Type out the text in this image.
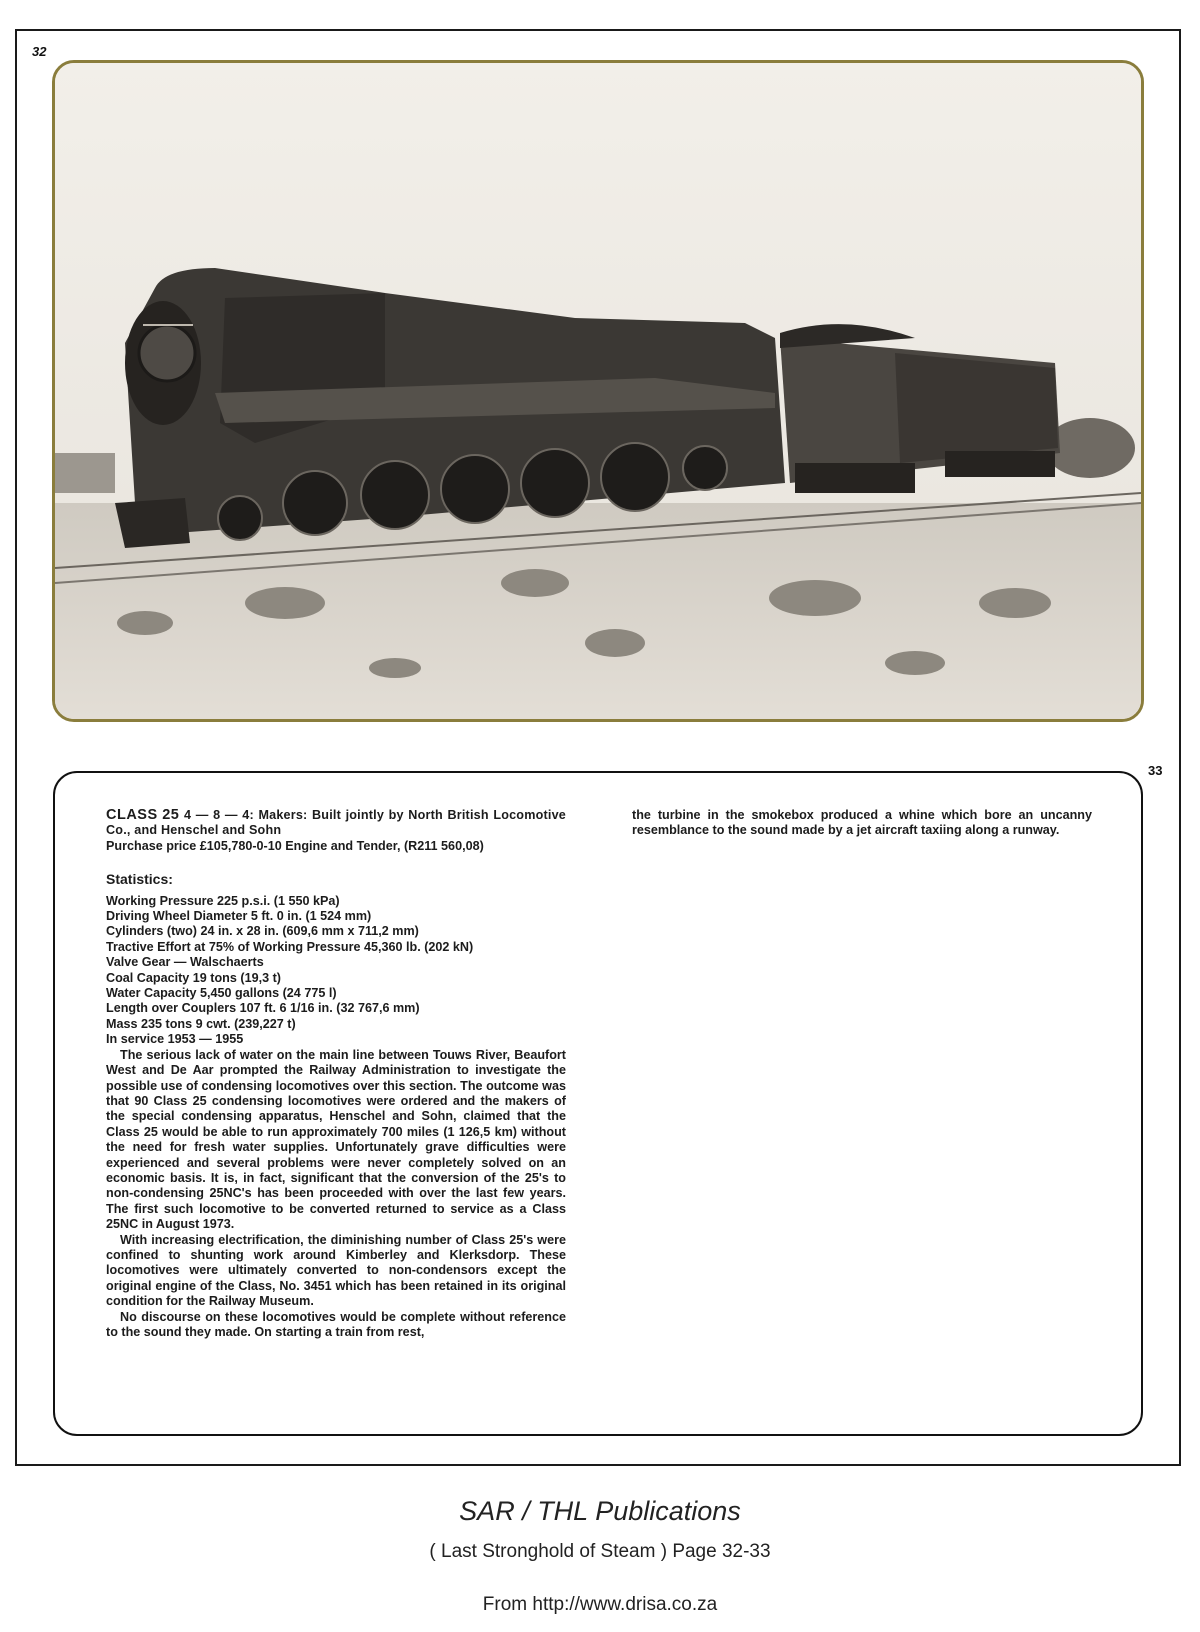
32
33

CLASS 25 4 — 8 — 4: Makers: Built jointly by North British Locomotive Co., and Henschel and Sohn

Purchase price £105,780-0-10 Engine and Tender, (R211 560,08)

Statistics:

Working Pressure 225 p.s.i. (1 550 kPa)

Driving Wheel Diameter 5 ft. 0 in. (1 524 mm)

Cylinders (two) 24 in. x 28 in. (609,6 mm x 711,2 mm)

Tractive Effort at 75% of Working Pressure 45,360 lb. (202 kN)

Valve Gear — Walschaerts

Coal Capacity 19 tons (19,3 t)

Water Capacity 5,450 gallons (24 775 l)

Length over Couplers 107 ft. 6 1/16 in. (32 767,6 mm)

Mass 235 tons 9 cwt. (239,227 t)

In service 1953 — 1955

The serious lack of water on the main line between Touws River, Beaufort West and De Aar prompted the Railway Administration to investigate the possible use of condensing locomotives over this section. The outcome was that 90 Class 25 condensing locomotives were ordered and the makers of the special condensing apparatus, Henschel and Sohn, claimed that the Class 25 would be able to run approximately 700 miles (1 126,5 km) without the need for fresh water supplies. Unfortunately grave difficulties were experienced and several problems were never completely solved on an economic basis. It is, in fact, significant that the conversion of the 25's to non-condensing 25NC's has been proceeded with over the last few years. The first such locomotive to be converted returned to service as a Class 25NC in August 1973.

With increasing electrification, the diminishing number of Class 25's were confined to shunting work around Kimberley and Klerksdorp. These locomotives were ultimately converted to non-condensors except the original engine of the Class, No. 3451 which has been retained in its original condition for the Railway Museum.

No discourse on these locomotives would be complete without reference to the sound they made. On starting a train from rest,

the turbine in the smokebox produced a whine which bore an uncanny resemblance to the sound made by a jet aircraft taxiing along a runway.

SAR / THL Publications
( Last Stronghold of Steam ) Page 32-33
From http://www.drisa.co.za
